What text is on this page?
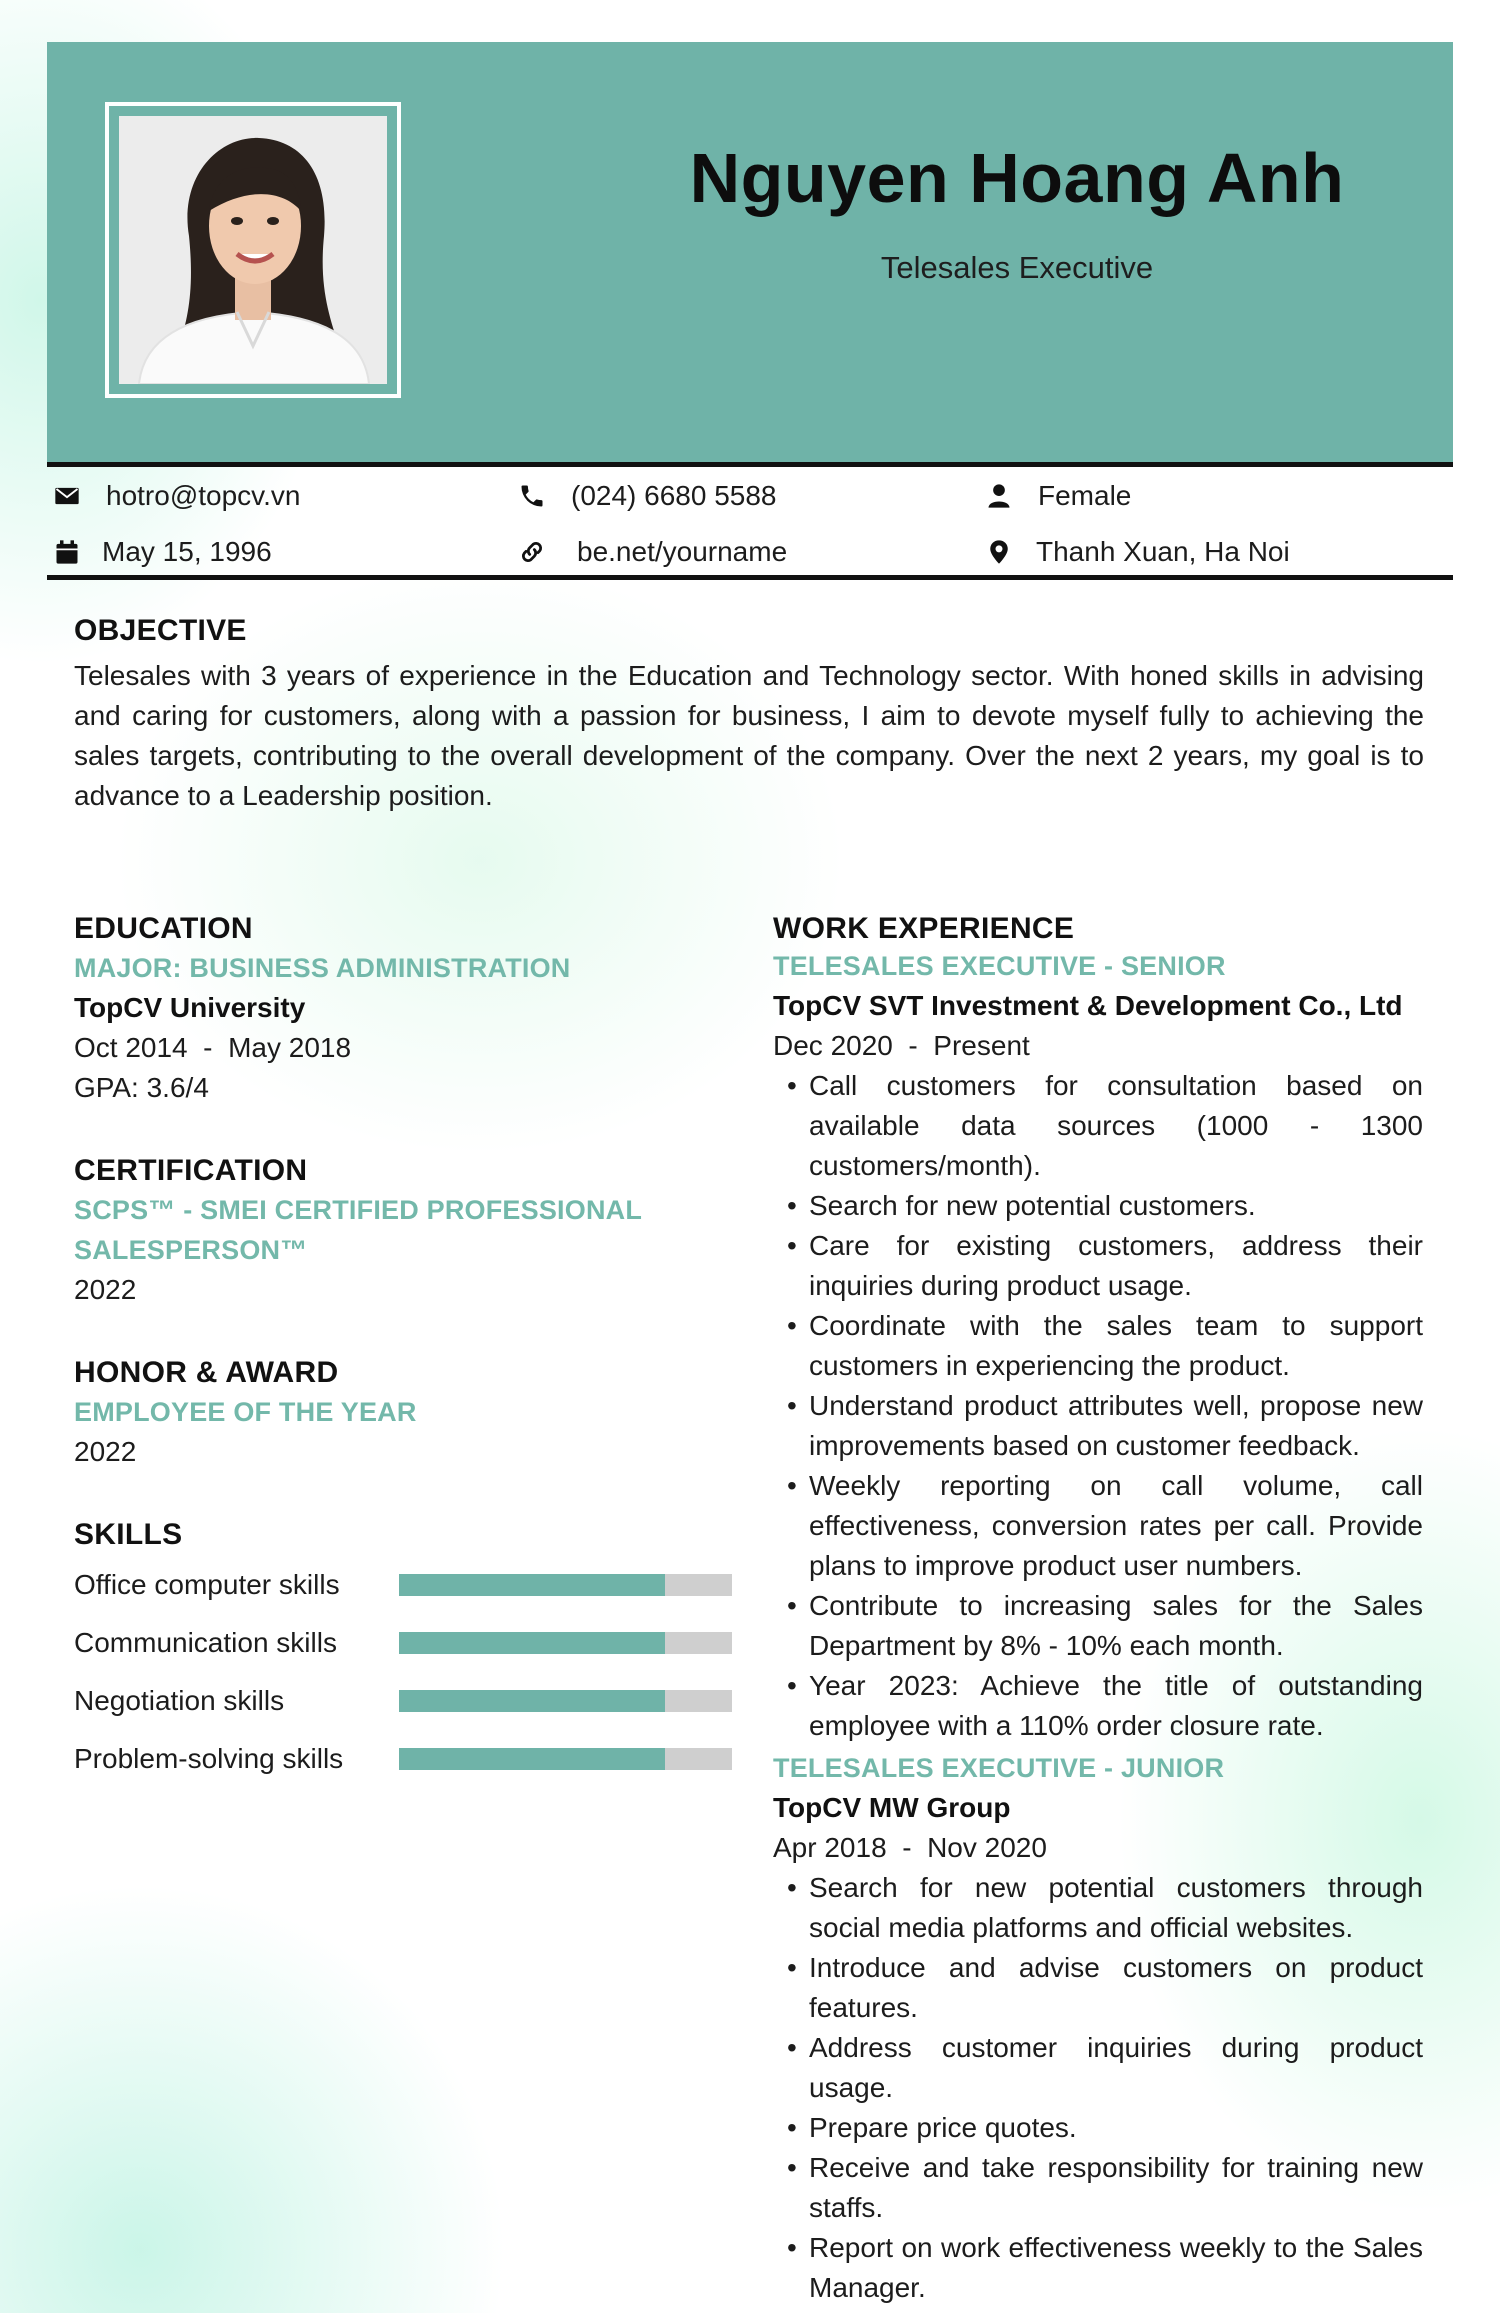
Nguyen Hoang Anh
Telesales Executive
hotro@topcv.vn	(024) 6680 5588	Female
May 15, 1996	be.net/yourname	Thanh Xuan, Ha Noi
OBJECTIVE

Telesales with 3 years of experience in the Education and Technology sector. With honed skills in advising and caring for customers, along with a passion for business, I aim to devote myself fully to achieving the sales targets, contributing to the overall development of the company. Over the next 2 years, my goal is to advance to a Leadership position.

EDUCATION
MAJOR: BUSINESS ADMINISTRATION
TopCV University
Oct 2014  -  May 2018
GPA: 3.6/4
CERTIFICATION
SCPS™ - SMEI CERTIFIED PROFESSIONAL SALESPERSON™
2022
HONOR & AWARD
EMPLOYEE OF THE YEAR
2022
SKILLS
Office computer skills
Communication skills
Negotiation skills
Problem-solving skills
WORK EXPERIENCE
TELESALES EXECUTIVE - SENIOR
TopCV SVT Investment & Development Co., Ltd
Dec 2020  -  Present
• Call customers for consultation based on available data sources (1000 - 1300 customers/month).
• Search for new potential customers.
• Care for existing customers, address their inquiries during product usage.
• Coordinate with the sales team to support customers in experiencing the product.
• Understand product attributes well, propose new improvements based on customer feedback.
• Weekly reporting on call volume, call effectiveness, conversion rates per call. Provide plans to improve product user numbers.
• Contribute to increasing sales for the Sales Department by 8% - 10% each month.
• Year 2023: Achieve the title of outstanding employee with a 110% order closure rate.
TELESALES EXECUTIVE - JUNIOR
TopCV MW Group
Apr 2018  -  Nov 2020
• Search for new potential customers through social media platforms and official websites.
• Introduce and advise customers on product features.
• Address customer inquiries during product usage.
• Prepare price quotes.
• Receive and take responsibility for training new staffs.
• Report on work effectiveness weekly to the Sales Manager.
